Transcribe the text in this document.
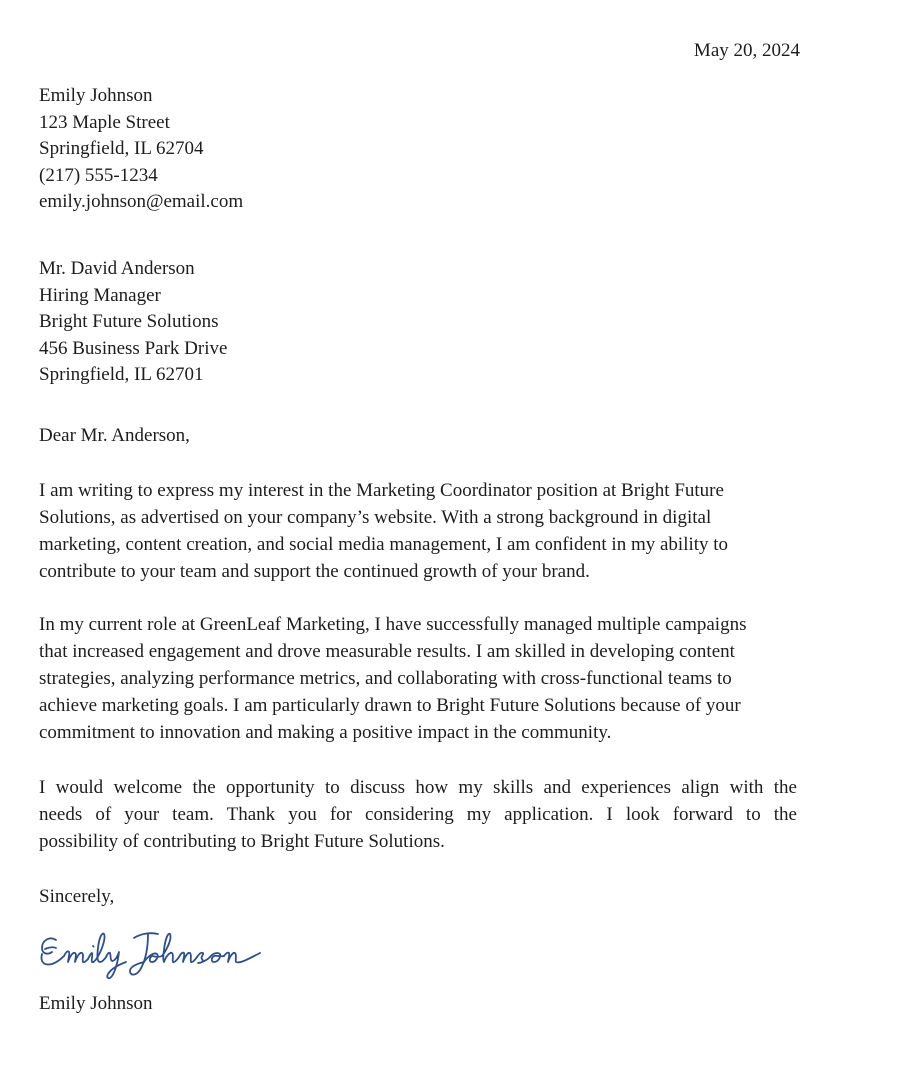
May 20, 2024
Emily Johnson
123 Maple Street
Springfield, IL 62704
(217) 555-1234
emily.johnson@email.com
Mr. David Anderson
Hiring Manager
Bright Future Solutions
456 Business Park Drive
Springfield, IL 62701
Dear Mr. Anderson,
I am writing to express my interest in the Marketing Coordinator position at Bright Future
Solutions, as advertised on your company’s website. With a strong background in digital
marketing, content creation, and social media management, I am confident in my ability to
contribute to your team and support the continued growth of your brand.
In my current role at GreenLeaf Marketing, I have successfully managed multiple campaigns
that increased engagement and drove measurable results. I am skilled in developing content
strategies, analyzing performance metrics, and collaborating with cross-functional teams to
achieve marketing goals. I am particularly drawn to Bright Future Solutions because of your
commitment to innovation and making a positive impact in the community.
I would welcome the opportunity to discuss how my skills and experiences align with the
needs of your team. Thank you for considering my application. I look forward to the
possibility of contributing to Bright Future Solutions.
Sincerely,
Emily Johnson
